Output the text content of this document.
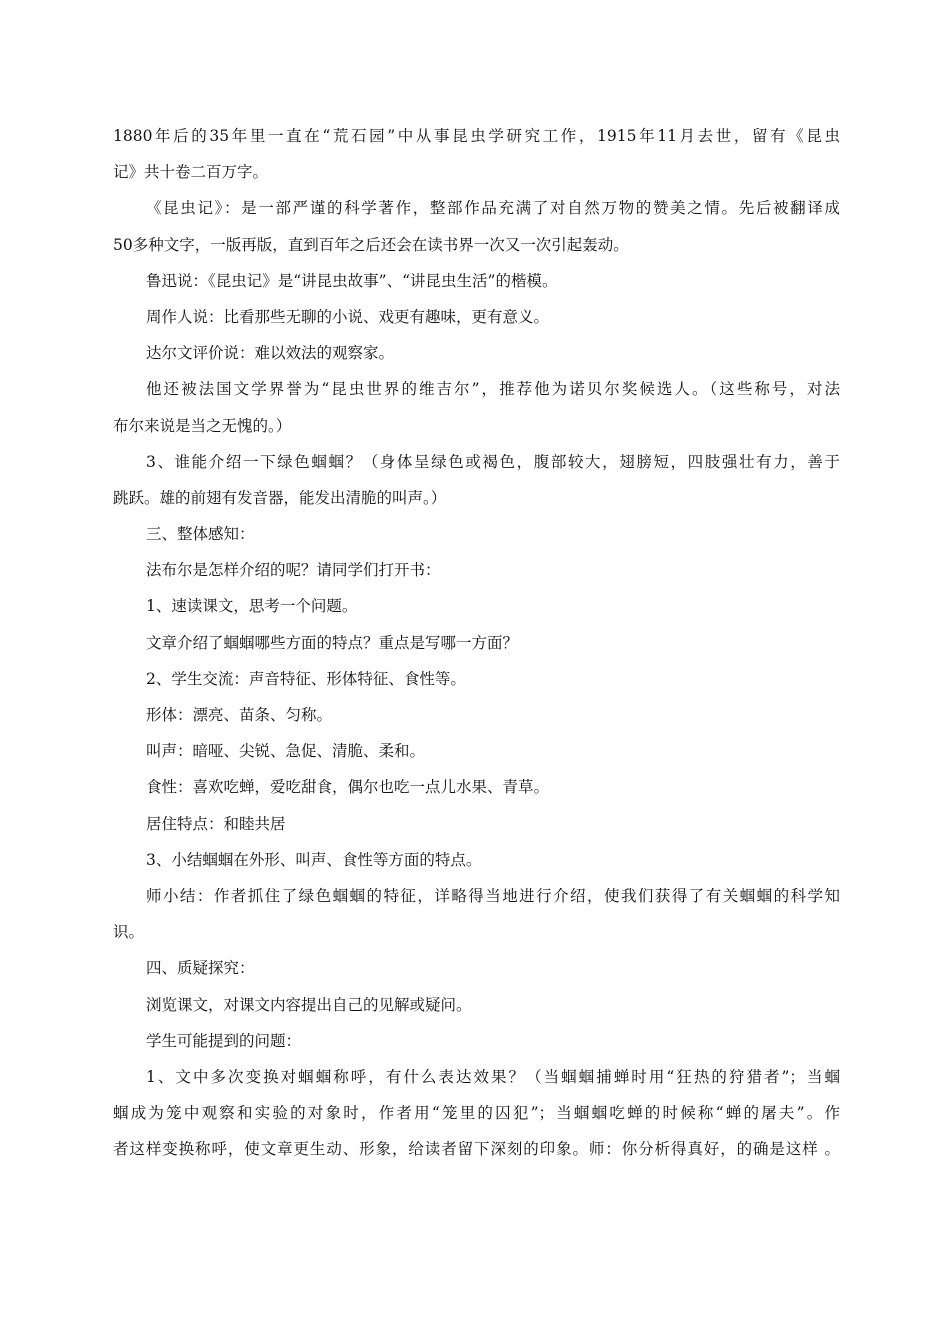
1880年后的35年里一直在“荒石园”中从事昆虫学研究工作，1915年11月去世，留有《昆虫
记》共十卷二百万字。
《昆虫记》：是一部严谨的科学著作，整部作品充满了对自然万物的赞美之情。先后被翻译成
50多种文字，一版再版，直到百年之后还会在读书界一次又一次引起轰动。
鲁迅说：《昆虫记》是“讲昆虫故事”、“讲昆虫生活”的楷模。
周作人说：比看那些无聊的小说、戏更有趣味，更有意义。
达尔文评价说：难以效法的观察家。
他还被法国文学界誉为“昆虫世界的维吉尔”，推荐他为诺贝尔奖候选人。（这些称号，对法
布尔来说是当之无愧的。）
3、谁能介绍一下绿色蝈蝈？（身体呈绿色或褐色，腹部较大，翅膀短，四肢强壮有力，善于
跳跃。雄的前翅有发音器，能发出清脆的叫声。）
三、整体感知：
法布尔是怎样介绍的呢？请同学们打开书：
1、速读课文，思考一个问题。
文章介绍了蝈蝈哪些方面的特点？重点是写哪一方面？
2、学生交流：声音特征、形体特征、食性等。
形体：漂亮、苗条、匀称。
叫声：暗哑、尖锐、急促、清脆、柔和。
食性：喜欢吃蝉，爱吃甜食，偶尔也吃一点儿水果、青草。
居住特点：和睦共居
3、小结蝈蝈在外形、叫声、食性等方面的特点。
师小结：作者抓住了绿色蝈蝈的特征，详略得当地进行介绍，使我们获得了有关蝈蝈的科学知
识。
四、质疑探究：
浏览课文，对课文内容提出自己的见解或疑问。
学生可能提到的问题：
1、文中多次变换对蝈蝈称呼，有什么表达效果？（当蝈蝈捕蝉时用“狂热的狩猎者”；当蝈
蝈成为笼中观察和实验的对象时，作者用“笼里的囚犯”；当蝈蝈吃蝉的时候称“蝉的屠夫”。作
者这样变换称呼，使文章更生动、形象，给读者留下深刻的印象。师：你分析得真好，的确是这样 。
